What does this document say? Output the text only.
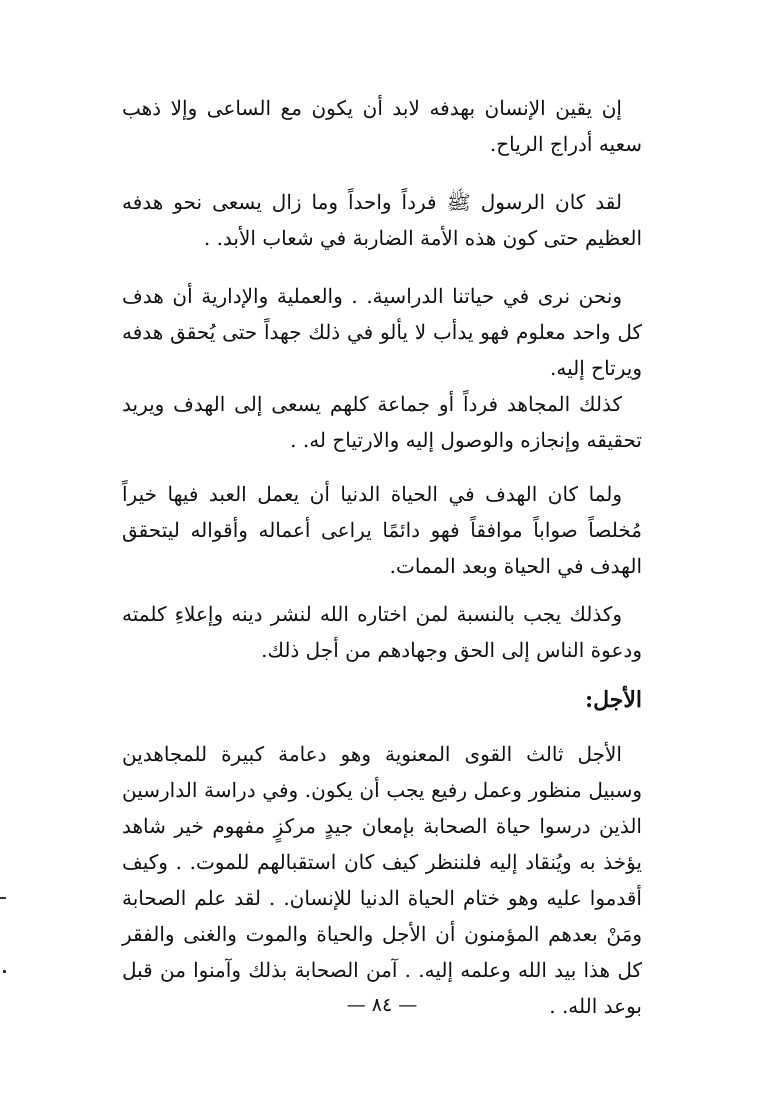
إن يقين الإنسان بهدفه لابد أن يكون مع الساعى وإلا ذهب سعيه أدراج الرياح.

لقد كان الرسول ﷺ فرداً واحداً وما زال يسعى نحو هدفه العظيم حتى كون هذه الأمة الضاربة في شعاب الأبد. .

ونحن نرى في حياتنا الدراسية. . والعملية والإدارية أن هدف كل واحد معلوم فهو يدأب لا يألو في ذلك جهداً حتى يُحقق هدفه ويرتاح إليه.

كذلك المجاهد فرداً أو جماعة كلهم يسعى إلى الهدف ويريد تحقيقه وإنجازه والوصول إليه والارتياح له. .

ولما كان الهدف في الحياة الدنيا أن يعمل العبد فيها خيراً مُخلصاً صواباً موافقاً فهو دائمًا يراعى أعماله وأقواله ليتحقق الهدف في الحياة وبعد الممات.

وكذلك يجب بالنسبة لمن اختاره الله لنشر دينه وإعلاءِ كلمته ودعوة الناس إلى الحق وجهادهم من أجل ذلك.

الأجل:

الأجل ثالث القوى المعنوية وهو دعامة كبيرة للمجاهدين وسبيل منظور وعمل رفيع يجب أن يكون. وفي دراسة الدارسين الذين درسوا حياة الصحابة بإمعان جيدٍ مركزٍ مفهوم خير شاهد يؤخذ به ويُنقاد إليه فلننظر كيف كان استقبالهم للموت. . وكيف أقدموا عليه وهو ختام الحياة الدنيا للإنسان. . لقد علم الصحابة ومَنْ بعدهم المؤمنون أن الأجل والحياة والموت والغنى والفقر كل هذا بيد الله وعلمه إليه. . آمن الصحابة بذلك وآمنوا من قبل بوعد الله. .

— ٨٤ —
